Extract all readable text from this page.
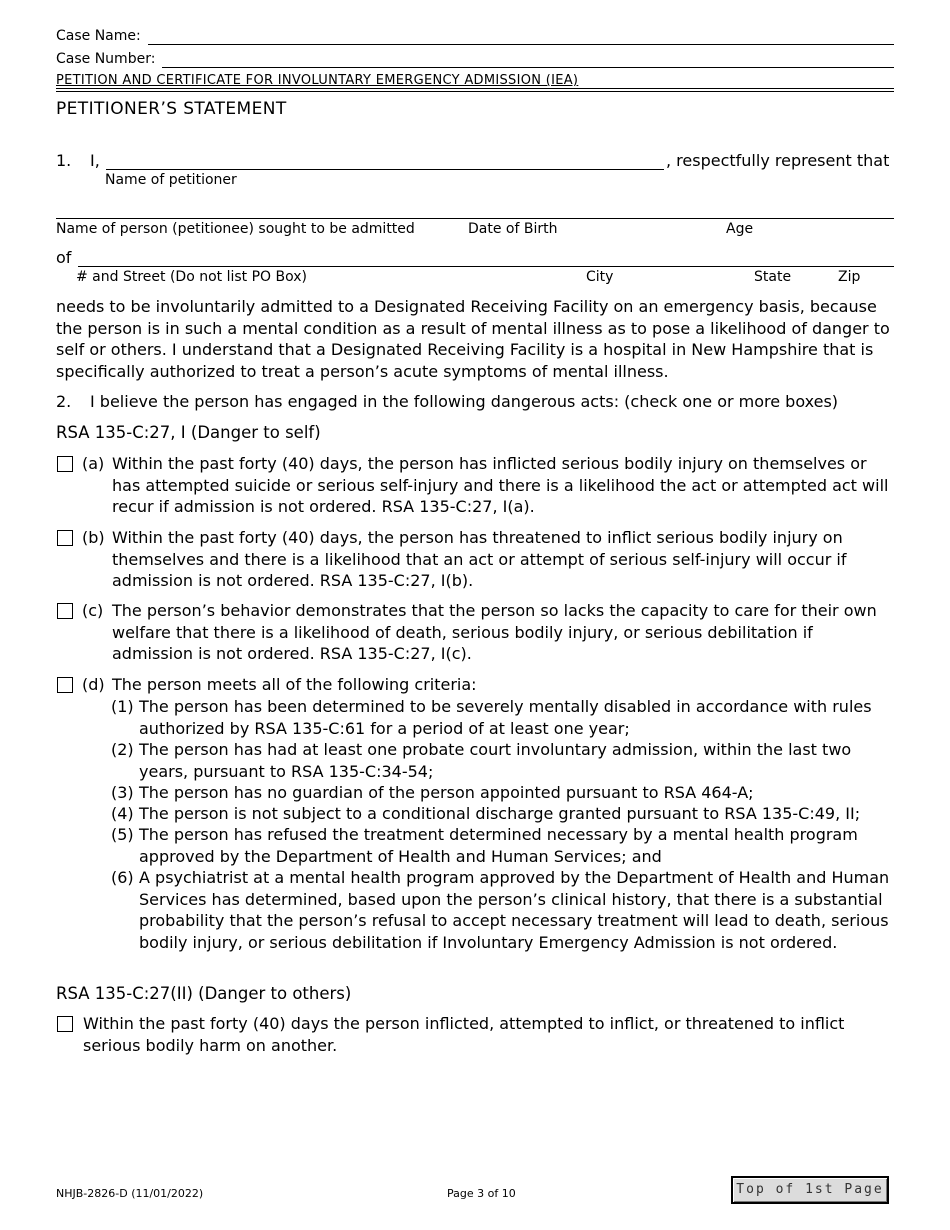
Case Name:
Case Number:
PETITION AND CERTIFICATE FOR INVOLUNTARY EMERGENCY ADMISSION (IEA)
PETITIONER’S STATEMENT
1. I,	, respectfully represent that
Name of petitioner
Name of person (petitionee) sought to be admitted	Date of Birth	Age
of
# and Street (Do not list PO Box)	City	State	Zip
needs to be involuntarily admitted to a Designated Receiving Facility on an emergency basis, because the person is in such a mental condition as a result of mental illness as to pose a likelihood of danger to self or others. I understand that a Designated Receiving Facility is a hospital in New Hampshire that is specifically authorized to treat a person’s acute symptoms of mental illness.
2. I believe the person has engaged in the following dangerous acts: (check one or more boxes)
RSA 135-C:27, I (Danger to self)
(a) Within the past forty (40) days, the person has inflicted serious bodily injury on themselves or has attempted suicide or serious self-injury and there is a likelihood the act or attempted act will recur if admission is not ordered. RSA 135-C:27, I(a).
(b) Within the past forty (40) days, the person has threatened to inflict serious bodily injury on themselves and there is a likelihood that an act or attempt of serious self-injury will occur if admission is not ordered. RSA 135-C:27, I(b).
(c) The person’s behavior demonstrates that the person so lacks the capacity to care for their own welfare that there is a likelihood of death, serious bodily injury, or serious debilitation if admission is not ordered. RSA 135-C:27, I(c).
(d) The person meets all of the following criteria:
(1) The person has been determined to be severely mentally disabled in accordance with rules authorized by RSA 135-C:61 for a period of at least one year;
(2) The person has had at least one probate court involuntary admission, within the last two years, pursuant to RSA 135-C:34-54;
(3) The person has no guardian of the person appointed pursuant to RSA 464-A;
(4) The person is not subject to a conditional discharge granted pursuant to RSA 135-C:49, II;
(5) The person has refused the treatment determined necessary by a mental health program approved by the Department of Health and Human Services; and
(6) A psychiatrist at a mental health program approved by the Department of Health and Human Services has determined, based upon the person’s clinical history, that there is a substantial probability that the person’s refusal to accept necessary treatment will lead to death, serious bodily injury, or serious debilitation if Involuntary Emergency Admission is not ordered.
RSA 135-C:27(II) (Danger to others)
Within the past forty (40) days the person inflicted, attempted to inflict, or threatened to inflict serious bodily harm on another.
NHJB-2826-D (11/01/2022)	Page 3 of 10	Top of 1st Page
